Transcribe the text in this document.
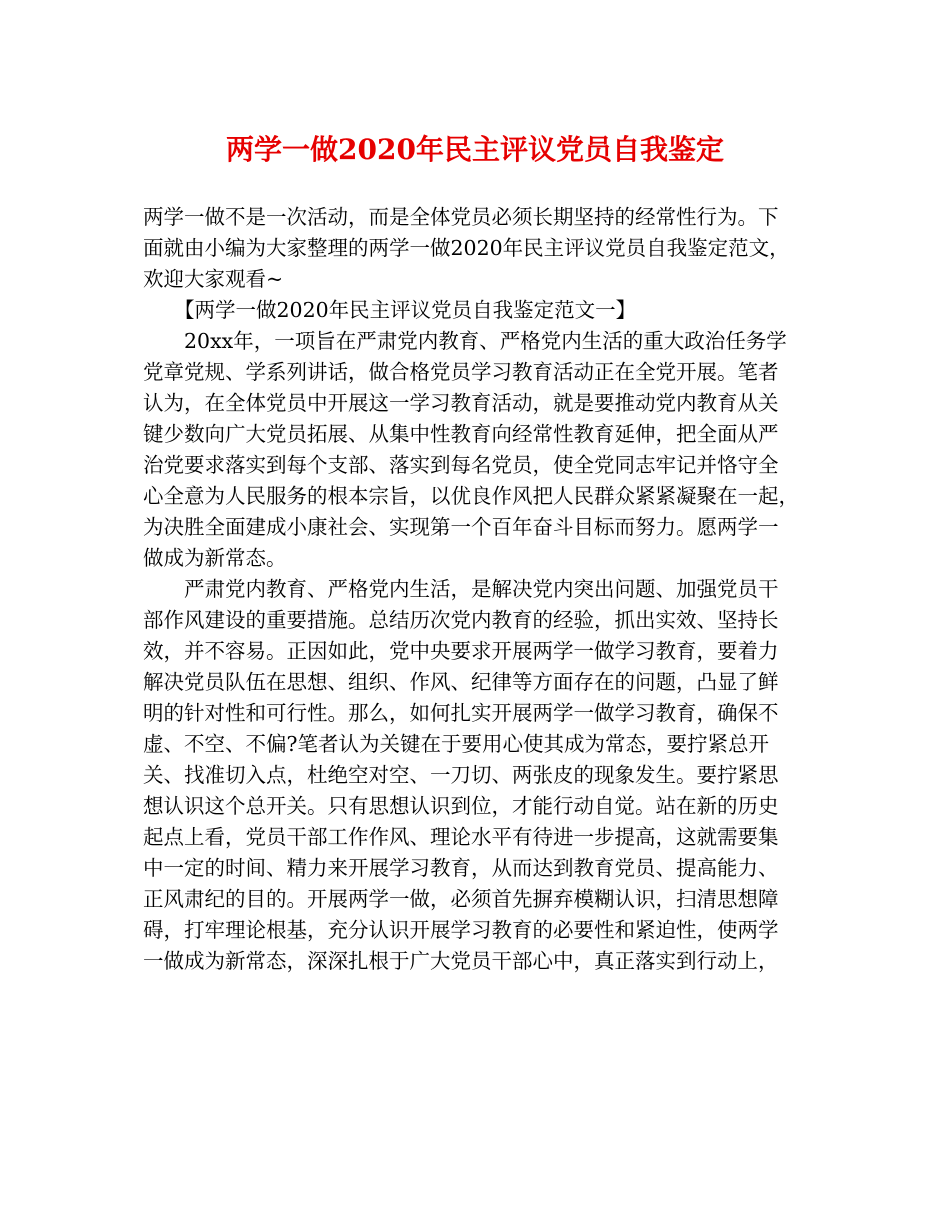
两学一做2020年民主评议党员自我鉴定
两学一做不是一次活动，而是全体党员必须长期坚持的经常性行为。下
面就由小编为大家整理的两学一做2020年民主评议党员自我鉴定范文，
欢迎大家观看~
【两学一做2020年民主评议党员自我鉴定范文一】
20xx年，一项旨在严肃党内教育、严格党内生活的重大政治任务学
党章党规、学系列讲话，做合格党员学习教育活动正在全党开展。笔者
认为，在全体党员中开展这一学习教育活动，就是要推动党内教育从关
键少数向广大党员拓展、从集中性教育向经常性教育延伸，把全面从严
治党要求落实到每个支部、落实到每名党员，使全党同志牢记并恪守全
心全意为人民服务的根本宗旨，以优良作风把人民群众紧紧凝聚在一起，
为决胜全面建成小康社会、实现第一个百年奋斗目标而努力。愿两学一
做成为新常态。
严肃党内教育、严格党内生活，是解决党内突出问题、加强党员干
部作风建设的重要措施。总结历次党内教育的经验，抓出实效、坚持长
效，并不容易。正因如此，党中央要求开展两学一做学习教育，要着力
解决党员队伍在思想、组织、作风、纪律等方面存在的问题，凸显了鲜
明的针对性和可行性。那么，如何扎实开展两学一做学习教育，确保不
虚、不空、不偏?笔者认为关键在于要用心使其成为常态，要拧紧总开
关、找准切入点，杜绝空对空、一刀切、两张皮的现象发生。要拧紧思
想认识这个总开关。只有思想认识到位，才能行动自觉。站在新的历史
起点上看，党员干部工作作风、理论水平有待进一步提高，这就需要集
中一定的时间、精力来开展学习教育，从而达到教育党员、提高能力、
正风肃纪的目的。开展两学一做，必须首先摒弃模糊认识，扫清思想障
碍，打牢理论根基，充分认识开展学习教育的必要性和紧迫性，使两学
一做成为新常态，深深扎根于广大党员干部心中，真正落实到行动上，
